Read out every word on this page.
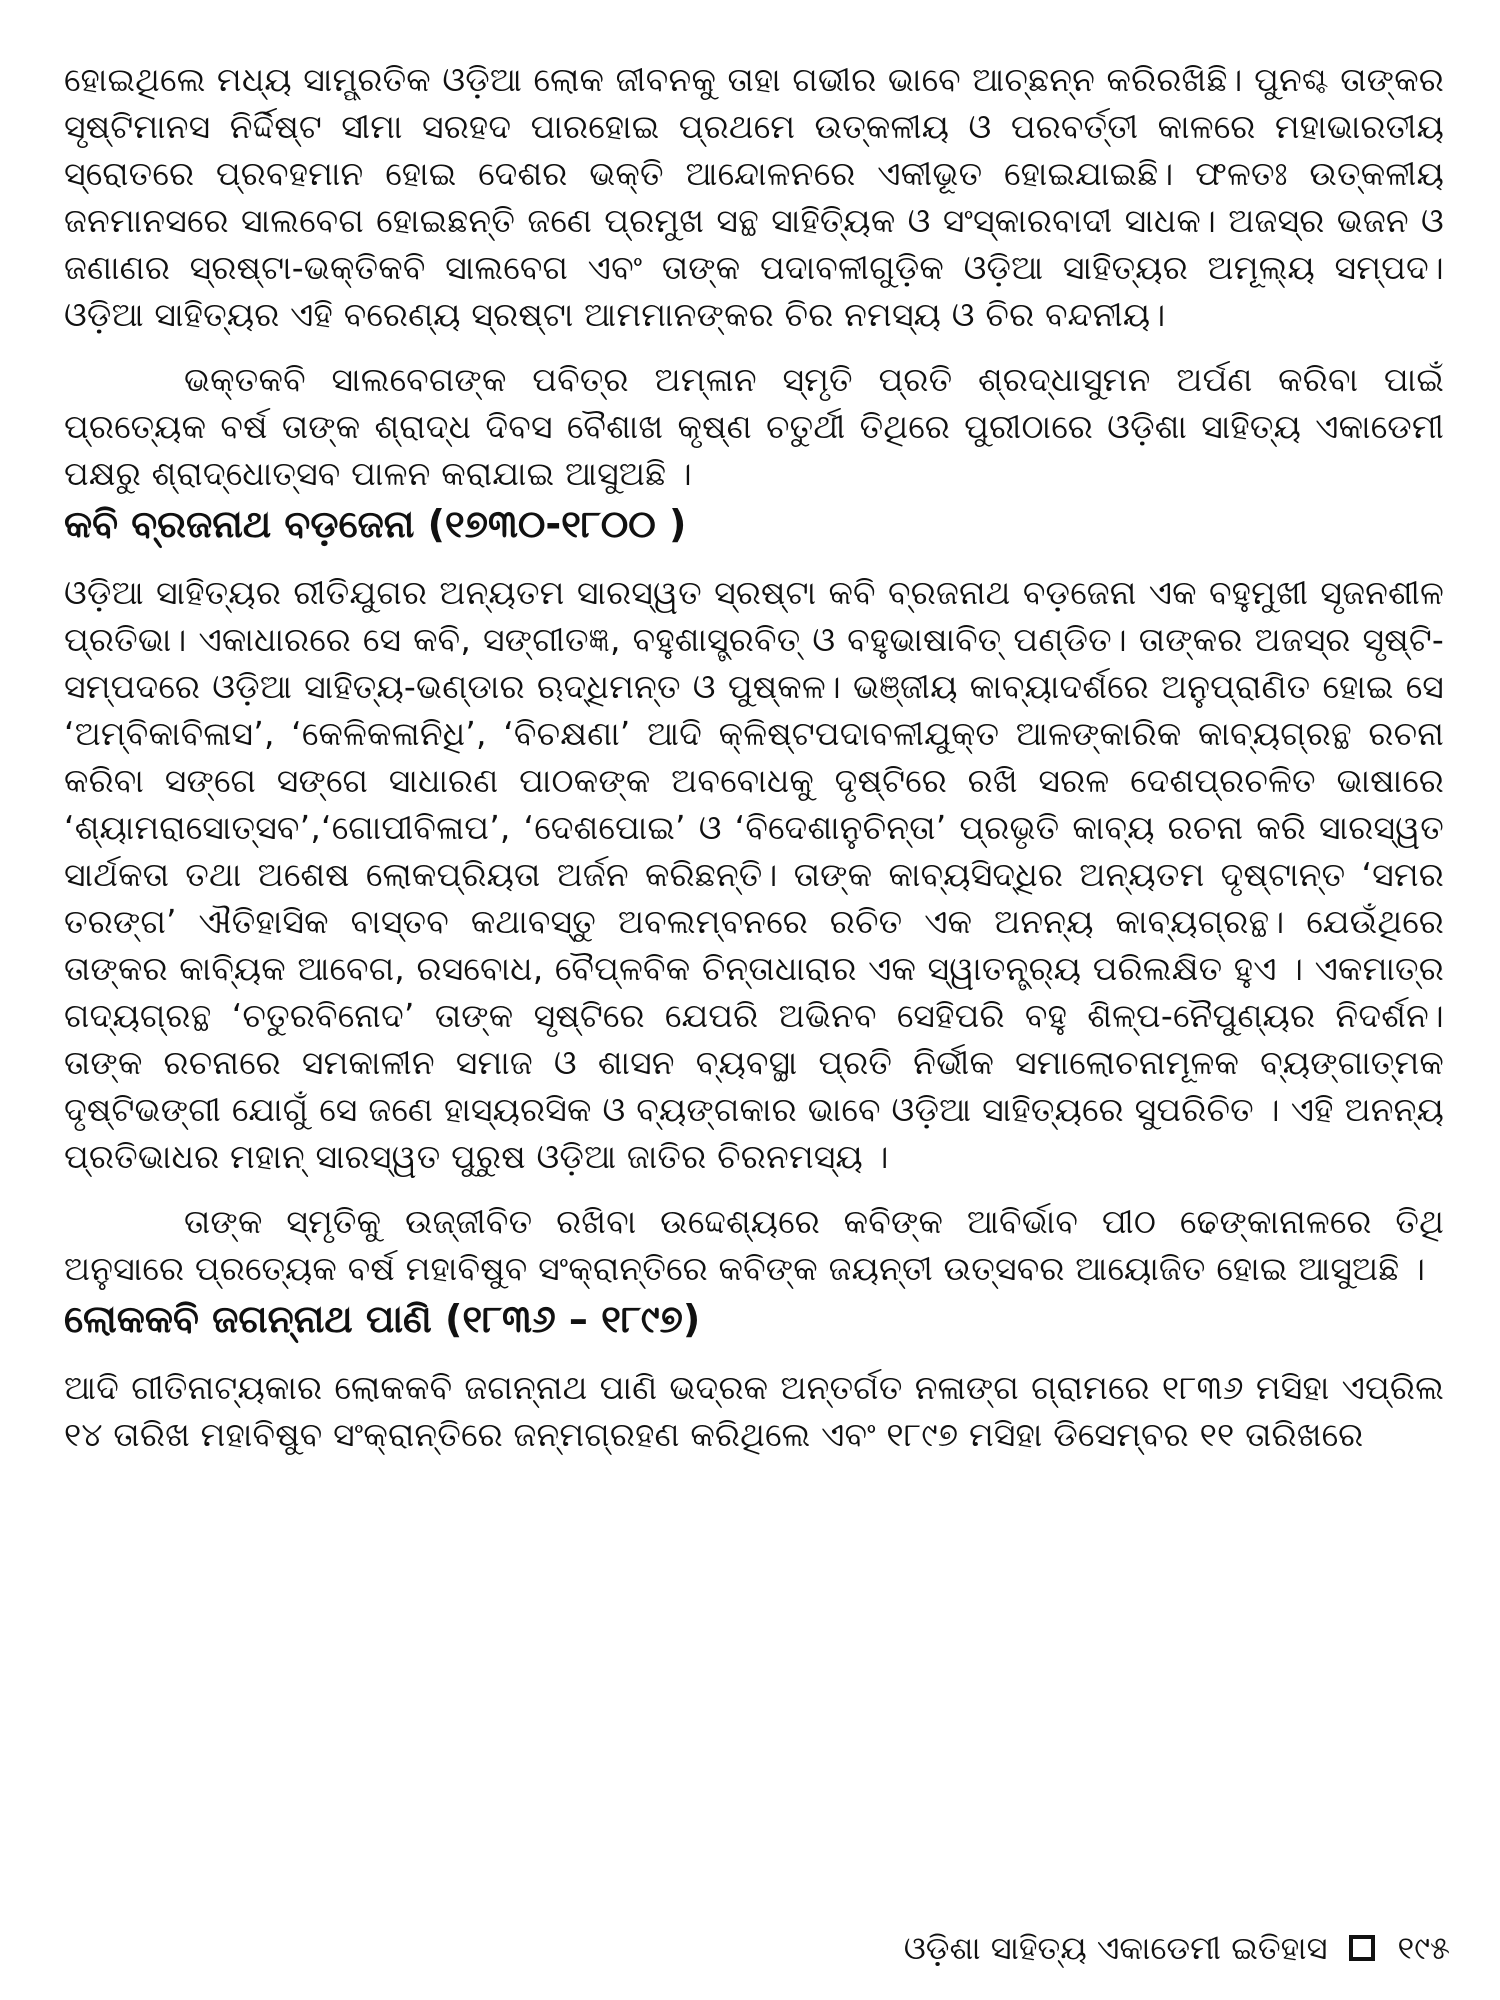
ହୋଇଥିଲେ ମଧ୍ୟ ସାମ୍ପ୍ରତିକ ଓଡ଼ିଆ ଲୋକ ଜୀବନକୁ ତାହା ଗଭୀର ଭାବେ ଆଚ୍ଛନ୍ନ କରିରଖିଛି। ପୁନଶ୍ଚ ତାଙ୍କର ସୃଷ୍ଟିମାନସ ନିର୍ଦ୍ଦିଷ୍ଟ ସୀମା ସରହଦ ପାରହୋଇ ପ୍ରଥମେ ଉତ୍କଳୀୟ ଓ ପରବର୍ତ୍ତୀ କାଳରେ ମହାଭାରତୀୟ ସ୍ରୋତରେ ପ୍ରବହମାନ ହୋଇ ଦେଶର ଭକ୍ତି ଆନ୍ଦୋଳନରେ ଏକୀଭୂତ ହୋଇଯାଇଛି। ଫଳତଃ ଉତ୍କଳୀୟ ଜନମାନସରେ ସାଲବେଗ ହୋଇଛନ୍ତି ଜଣେ ପ୍ରମୁଖ ସନ୍ଥ ସାହିତ୍ୟିକ ଓ ସଂସ୍କାରବାଦୀ ସାଧକ। ଅଜସ୍ର ଭଜନ ଓ ଜଣାଣର ସ୍ରଷ୍ଟା-ଭକ୍ତିକବି ସାଲବେଗ ଏବଂ ତାଙ୍କ ପଦାବଳୀଗୁଡ଼ିକ ଓଡ଼ିଆ ସାହିତ୍ୟର ଅମୂଲ୍ୟ ସମ୍ପଦ। ଓଡ଼ିଆ ସାହିତ୍ୟର ଏହି ବରେଣ୍ୟ ସ୍ରଷ୍ଟା ଆମମାନଙ୍କର ଚିର ନମସ୍ୟ ଓ ଚିର ବନ୍ଦନୀୟ।

ଭକ୍ତକବି ସାଲବେଗଙ୍କ ପବିତ୍ର ଅମ୍ଳାନ ସ୍ମୃତି ପ୍ରତି ଶ୍ରଦ୍ଧାସୁମନ ଅର୍ପଣ କରିବା ପାଇଁ ପ୍ରତ୍ୟେକ ବର୍ଷ ତାଙ୍କ ଶ୍ରାଦ୍ଧ ଦିବସ ବୈଶାଖ କୃଷ୍ଣ ଚତୁର୍ଥୀ ତିଥିରେ ପୁରୀଠାରେ ଓଡ଼ିଶା ସାହିତ୍ୟ ଏକାଡେମୀ ପକ୍ଷରୁ ଶ୍ରାଦ୍ଧୋତ୍ସବ ପାଳନ କରାଯାଇ ଆସୁଅଛି ।

କବି ବ୍ରଜନାଥ ବଡ଼ଜେନା (୧୭୩୦-୧୮୦୦ )

ଓଡ଼ିଆ ସାହିତ୍ୟର ରୀତିଯୁଗର ଅନ୍ୟତମ ସାରସ୍ୱତ ସ୍ରଷ୍ଟା କବି ବ୍ରଜନାଥ ବଡ଼ଜେନା ଏକ ବହୁମୁଖୀ ସୃଜନଶୀଳ ପ୍ରତିଭା। ଏକାଧାରରେ ସେ କବି, ସଙ୍ଗୀତଜ୍ଞ, ବହୁଶାସ୍ତ୍ରବିତ୍ ଓ ବହୁଭାଷାବିତ୍ ପଣ୍ଡିତ। ତାଙ୍କର ଅଜସ୍ର ସୃଷ୍ଟି-ସମ୍ପଦରେ ଓଡ଼ିଆ ସାହିତ୍ୟ-ଭଣ୍ଡାର ଋଦ୍ଧିମନ୍ତ ଓ ପୁଷ୍କଳ। ଭଞ୍ଜୀୟ କାବ୍ୟାଦର୍ଶରେ ଅନୁପ୍ରାଣିତ ହୋଇ ସେ ‘ଅମ୍ବିକାବିଳାସ’, ‘କେଳିକଳାନିଧି’, ‘ବିଚକ୍ଷଣା’ ଆଦି କ୍ଳିଷ୍ଟପଦାବଳୀଯୁକ୍ତ ଆଳଙ୍କାରିକ କାବ୍ୟଗ୍ରନ୍ଥ ରଚନା କରିବା ସଙ୍ଗେ ସଙ୍ଗେ ସାଧାରଣ ପାଠକଙ୍କ ଅବବୋଧକୁ ଦୃଷ୍ଟିରେ ରଖି ସରଳ ଦେଶପ୍ରଚଳିତ ଭାଷାରେ ‘ଶ୍ୟାମରାସୋତ୍ସବ’,‘ଗୋପୀବିଳାପ’, ‘ଦେଶପୋଇ’ ଓ ‘ବିଦେଶାନୁଚିନ୍ତା’ ପ୍ରଭୃତି କାବ୍ୟ ରଚନା କରି ସାରସ୍ୱତ ସାର୍ଥକତା ତଥା ଅଶେଷ ଲୋକପ୍ରିୟତା ଅର୍ଜନ କରିଛନ୍ତି। ତାଙ୍କ କାବ୍ୟସିଦ୍ଧିର ଅନ୍ୟତମ ଦୃଷ୍ଟାନ୍ତ ‘ସମର ତରଙ୍ଗ’ ଐତିହାସିକ ବାସ୍ତବ କଥାବସ୍ତୁ ଅବଲମ୍ବନରେ ରଚିତ ଏକ ଅନନ୍ୟ କାବ୍ୟଗ୍ରନ୍ଥ। ଯେଉଁଥିରେ ତାଙ୍କର କାବ୍ୟିକ ଆବେଗ, ରସବୋଧ, ବୈପ୍ଳବିକ ଚିନ୍ତାଧାରାର ଏକ ସ୍ୱାତନ୍ତ୍ର୍ୟ ପରିଲକ୍ଷିତ ହୁଏ । ଏକମାତ୍ର ଗଦ୍ୟଗ୍ରନ୍ଥ ‘ଚତୁରବିନୋଦ’ ତାଙ୍କ ସୃଷ୍ଟିରେ ଯେପରି ଅଭିନବ ସେହିପରି ବହୁ ଶିଳ୍ପ-ନୈପୁଣ୍ୟର ନିଦର୍ଶନ। ତାଙ୍କ ରଚନାରେ ସମକାଳୀନ ସମାଜ ଓ ଶାସନ ବ୍ୟବସ୍ଥା ପ୍ରତି ନିର୍ଭୀକ ସମାଲୋଚନାମୂଳକ ବ୍ୟଙ୍ଗାତ୍ମକ ଦୃଷ୍ଟିଭଙ୍ଗୀ ଯୋଗୁଁ ସେ ଜଣେ ହାସ୍ୟରସିକ ଓ ବ୍ୟଙ୍ଗକାର ଭାବେ ଓଡ଼ିଆ ସାହିତ୍ୟରେ ସୁପରିଚିତ । ଏହି ଅନନ୍ୟ ପ୍ରତିଭାଧର ମହାନ୍ ସାରସ୍ୱତ ପୁରୁଷ ଓଡ଼ିଆ ଜାତିର ଚିରନମସ୍ୟ ।

ତାଙ୍କ ସ୍ମୃତିକୁ ଉଜ୍ଜୀବିତ ରଖିବା ଉଦ୍ଦେଶ୍ୟରେ କବିଙ୍କ ଆବିର୍ଭାବ ପୀଠ ଢେଙ୍କାନାଳରେ ତିଥି ଅନୁସାରେ ପ୍ରତ୍ୟେକ ବର୍ଷ ମହାବିଷୁବ ସଂକ୍ରାନ୍ତିରେ କବିଙ୍କ ଜୟନ୍ତୀ ଉତ୍ସବର ଆୟୋଜିତ ହୋଇ ଆସୁଅଛି ।

ଲୋକକବି ଜଗନ୍ନାଥ ପାଣି (୧୮୩୬ – ୧୮୯୭)

ଆଦି ଗୀତିନାଟ୍ୟକାର ଲୋକକବି ଜଗନ୍ନାଥ ପାଣି ଭଦ୍ରକ ଅନ୍ତର୍ଗତ ନଳାଙ୍ଗ ଗ୍ରାମରେ ୧୮୩୬ ମସିହା ଏପ୍ରିଲ ୧୪ ତାରିଖ ମହାବିଷୁବ ସଂକ୍ରାନ୍ତିରେ ଜନ୍ମଗ୍ରହଣ କରିଥିଲେ ଏବଂ ୧୮୯୭ ମସିହା ଡିସେମ୍ବର ୧୧ ତାରିଖରେ

ଓଡ଼ିଶା ସାହିତ୍ୟ ଏକାଡେମୀ ଇତିହାସ ୧୯୫
